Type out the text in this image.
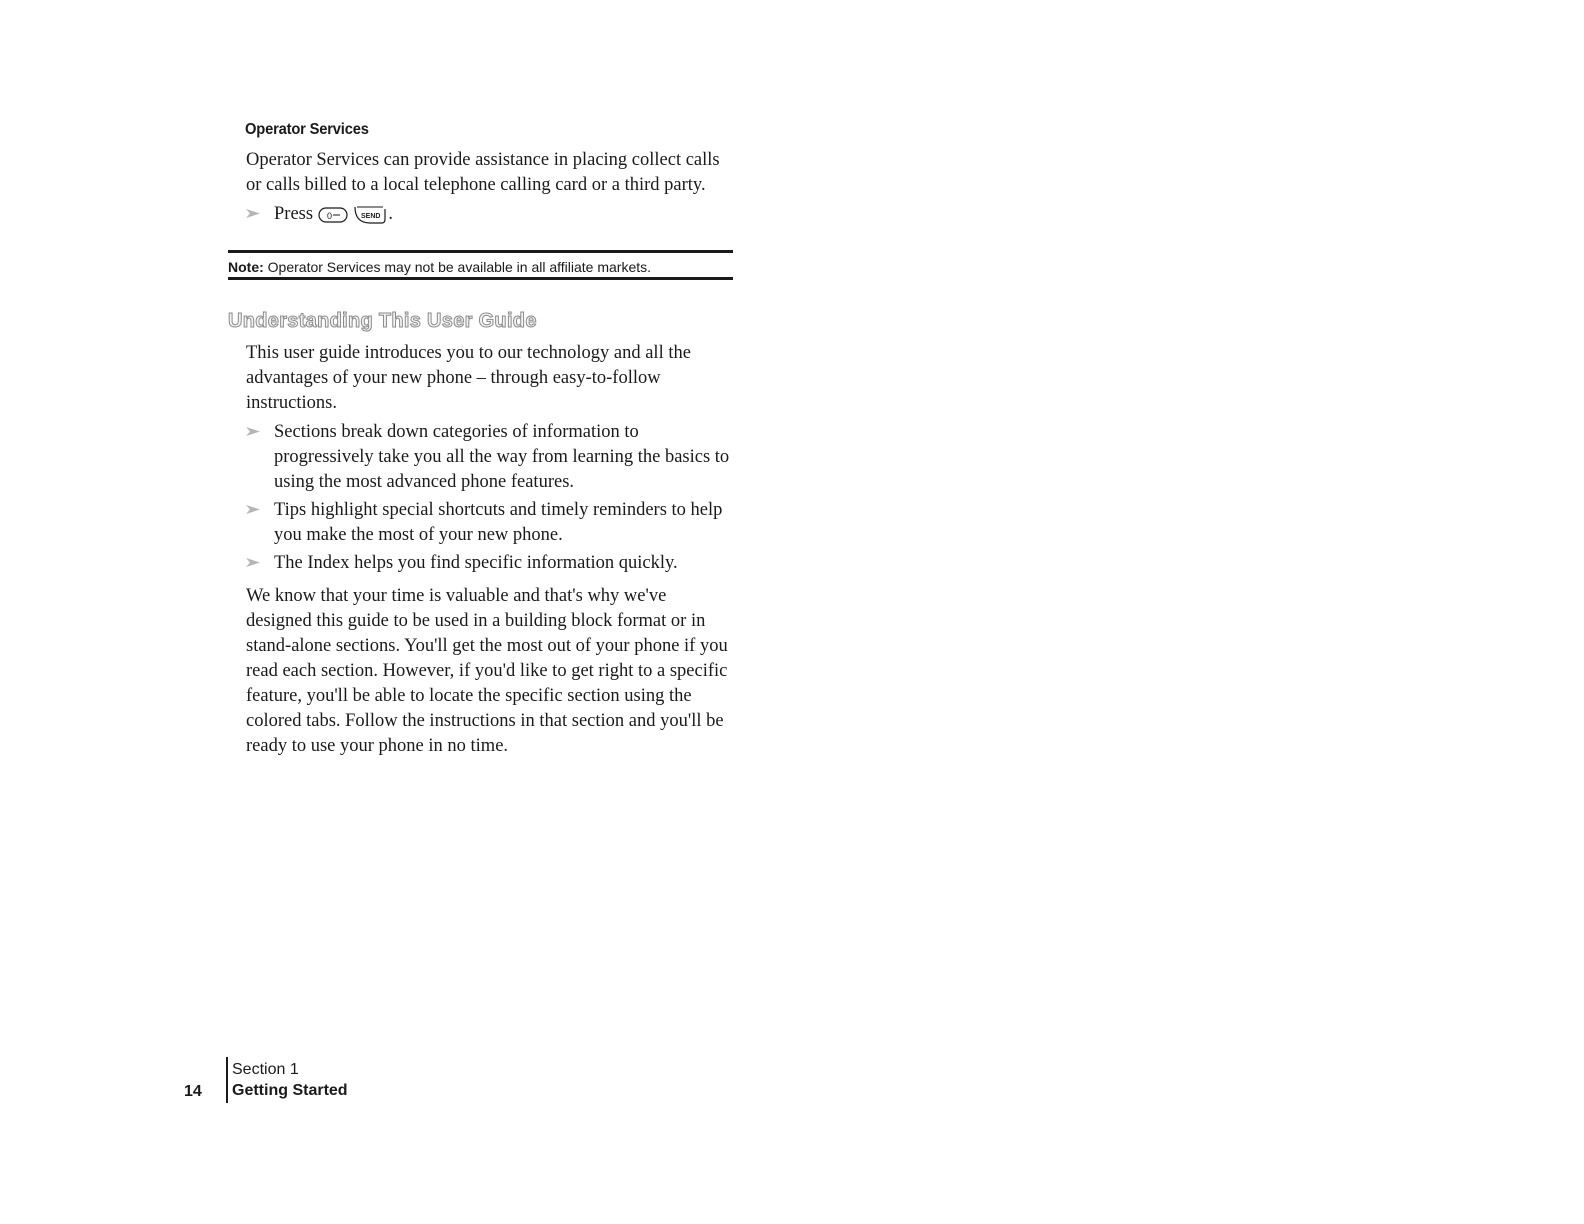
Operator Services

Operator Services can provide assistance in placing collect calls or calls billed to a local telephone calling card or a third party.

Press 0
	SEND .
Note: Operator Services may not be available in all affiliate markets.
Understanding This User Guide

This user guide introduces you to our technology and all the advantages of your new phone – through easy-to-follow instructions.

Sections break down categories of information to progressively take you all the way from learning the basics to using the most advanced phone features.
Tips highlight special shortcuts and timely reminders to help you make the most of your new phone.
The Index helps you find specific information quickly.

We know that your time is valuable and that's why we've designed this guide to be used in a building block format or in stand-alone sections. You'll get the most out of your phone if you read each section. However, if you'd like to get right to a specific feature, you'll be able to locate the specific section using the colored tabs. Follow the instructions in that section and you'll be ready to use your phone in no time.

14
Section 1
Getting Started
